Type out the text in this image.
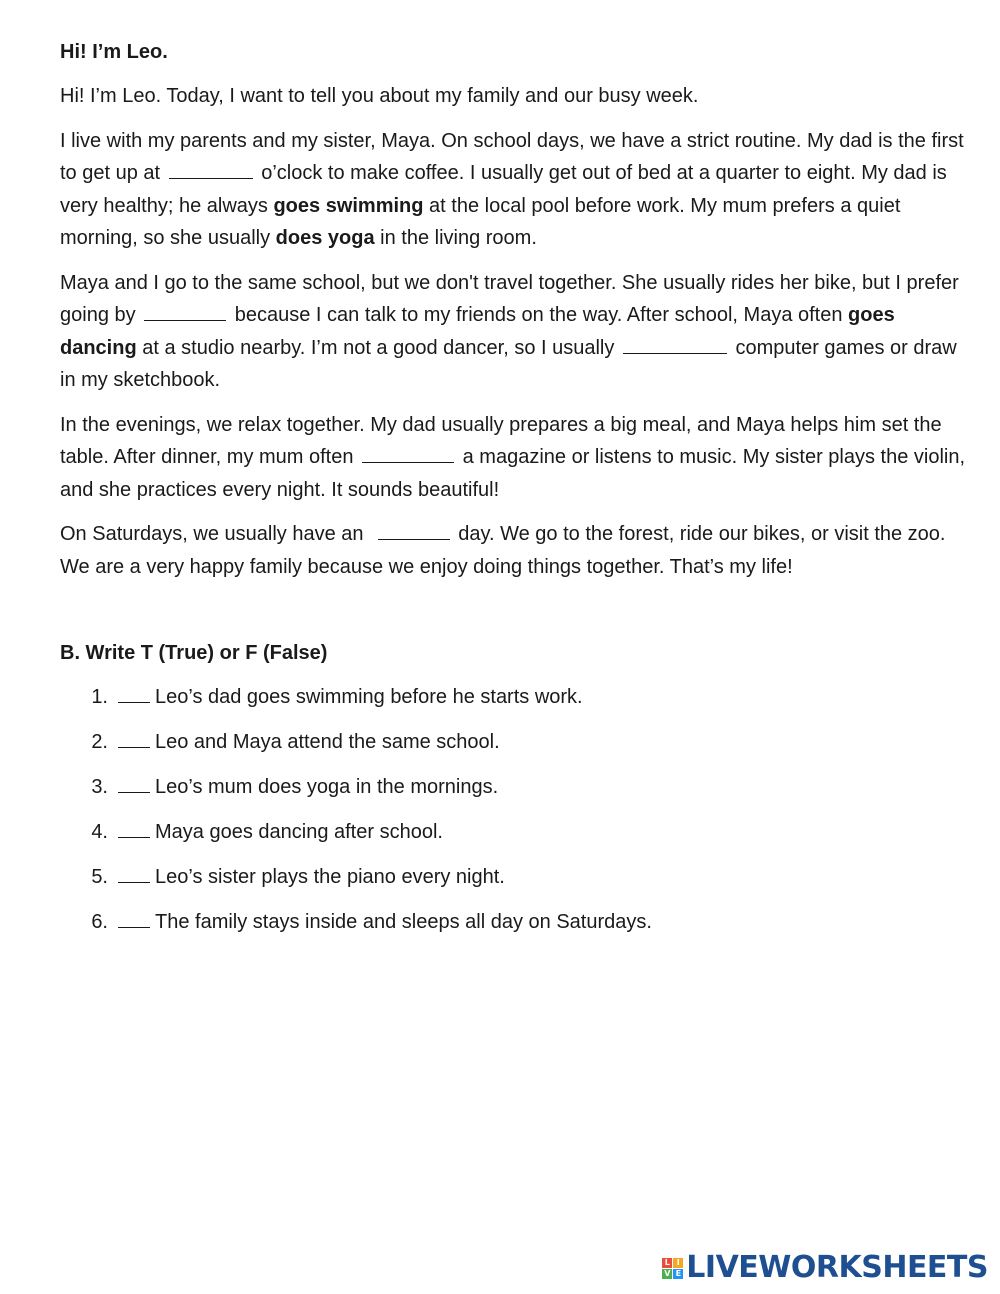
Hi! I’m Leo.

Hi! I’m Leo. Today, I want to tell you about my family and our busy week.

I live with my parents and my sister, Maya. On school days, we have a strict routine. My dad is the first to get up at	o’clock to make coffee. I usually get out of bed at a quarter to eight. My dad is very healthy; he always goes swimming at the local pool before work. My mum prefers a quiet morning, so she usually does yoga in the living room.

Maya and I go to the same school, but we don't travel together. She usually rides her bike, but I prefer going by	because I can talk to my friends on the way. After school, Maya often goes dancing at a studio nearby. I’m not a good dancer, so I usually	computer games or draw in my sketchbook.

In the evenings, we relax together. My dad usually prepares a big meal, and Maya helps him set the table. After dinner, my mum often	a magazine or listens to music. My sister plays the violin, and she practices every night. It sounds beautiful!

On Saturdays, we usually have an	day. We go to the forest, ride our bikes, or visit the zoo. We are a very happy family because we enjoy doing things together. That’s my life!

B. Write T (True) or F (False)
1.	Leo’s dad goes swimming before he starts work.
2.	Leo and Maya attend the same school.
3.	Leo’s mum does yoga in the mornings.
4.	Maya goes dancing after school.
5.	Leo’s sister plays the piano every night.
6.	The family stays inside and sleeps all day on Saturdays.
L I
V E LIVEWORKSHEETS
